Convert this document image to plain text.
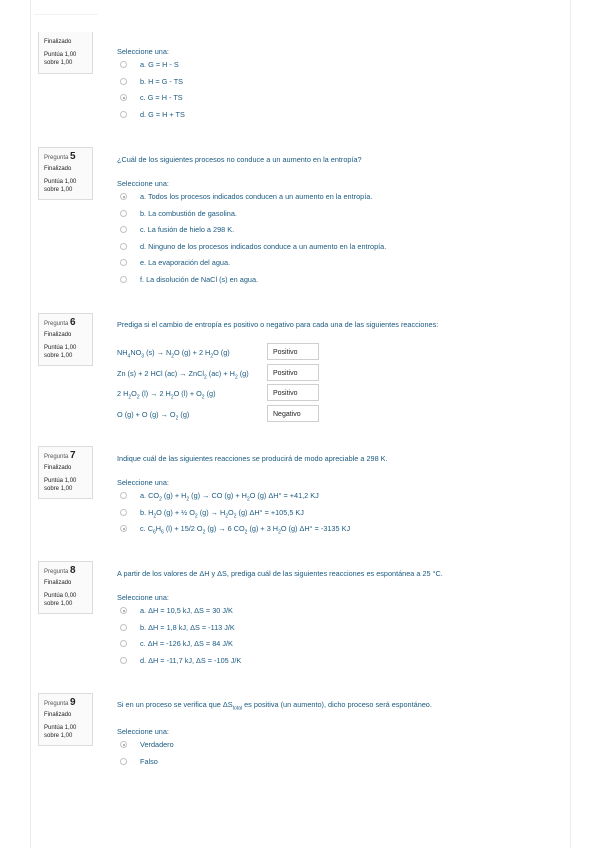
Finalizado
Puntúa 1,00
sobre 1,00
Seleccione una:
a. G = H - S
b. H = G - TS
c. G = H - TS
d. G = H + TS
Pregunta 5
Finalizado
Puntúa 1,00
sobre 1,00
¿Cuál de los siguientes procesos no conduce a un aumento en la entropía?
Seleccione una:
a. Todos los procesos indicados conducen a un aumento en la entropía.
b. La combustión de gasolina.
c. La fusión de hielo a 298 K.
d. Ninguno de los procesos indicados conduce a un aumento en la entropía.
e. La evaporación del agua.
f. La disolución de NaCl (s) en agua.
Pregunta 6
Finalizado
Puntúa 1,00
sobre 1,00
Prediga si el cambio de entropía es positivo o negativo para cada una de las siguientes reacciones:
$NH_4NO_3$ $(s) \to N_2O$ (g) + 2 $H_2O$ (g)	Positivo
Zn (s) + 2 HCl (ac) → ZnCl$_2$ $(ac) + H_2$ (g)	Positivo
2 $H_2O_2$ (l) → 2 $H_2O$ $(l) + O_2$ (g)	Positivo
O (g) + O $(g) \to O_2$ (g)	Negativo
Pregunta 7
Finalizado
Puntúa 1,00
sobre 1,00
Indique cuál de las siguientes reacciones se producirá de modo apreciable a 298 K.
Seleccione una:
a. $CO_2$ $(g) + H_2$ (g) → CO $(g) + H_2O$ (g) ΔH° = +41,2 KJ
b. $H_2O$ (g) + ½ $O_2$ $(g) \to H_2O_2$ (g) ΔH° = +105,5 KJ
c. $C_6H_6$ (l) + 15/2 $O_2$ (g) → 6 $CO_2$ (g) + 3 $H_2O$ (g) ΔH° = -3135 KJ
Pregunta 8
Finalizado
Puntúa 0,00
sobre 1,00
A partir de los valores de ΔH y ΔS, prediga cuál de las siguientes reacciones es espontánea a 25 °C.
Seleccione una:
a. ΔH = 10,5 kJ, ΔS = 30 J/K
b. ΔH = 1,8 kJ, ΔS = -113 J/K
c. ΔH = -126 kJ, ΔS = 84 J/K
d. ΔH = -11,7 kJ, ΔS = -105 J/K
Pregunta 9
Finalizado
Puntúa 1,00
sobre 1,00
Si en un proceso se verifica que $\Delta S_{total}$ es positiva (un aumento), dicho proceso será espontáneo.
Seleccione una:
Verdadero
Falso
